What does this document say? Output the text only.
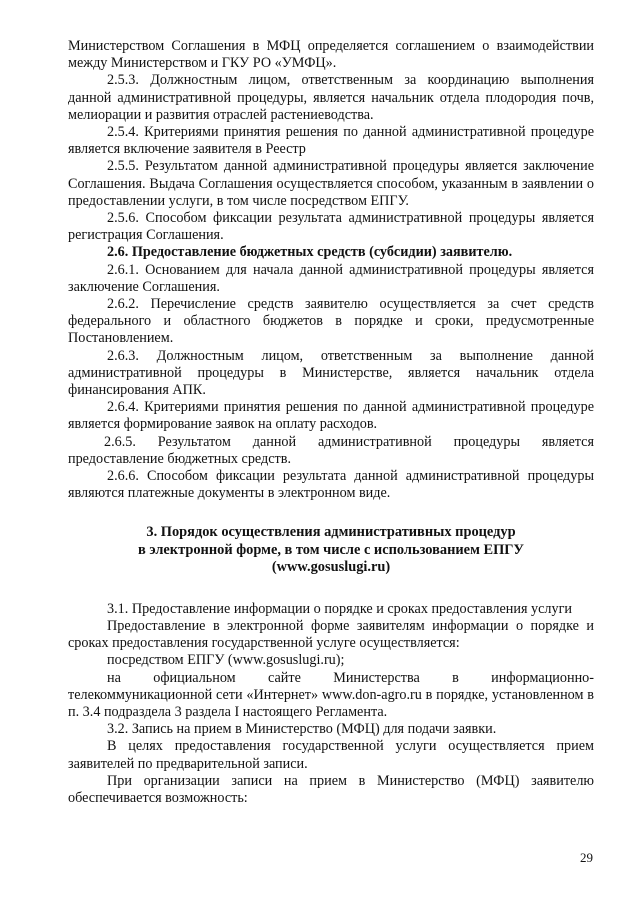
Министерством Соглашения в МФЦ определяется соглашением о взаимодействии между Министерством и ГКУ РО «УМФЦ».

2.5.3. Должностным лицом, ответственным за координацию выполнения данной административной процедуры, является начальник отдела плодородия почв, мелиорации и развития отраслей растениеводства.

2.5.4. Критериями принятия решения по данной административной процедуре является включение заявителя в Реестр

2.5.5. Результатом данной административной процедуры является заключение Соглашения. Выдача Соглашения осуществляется способом, указанным в заявлении о предоставлении услуги, в том числе посредством ЕПГУ.

2.5.6. Способом фиксации результата административной процедуры является регистрация Соглашения.

2.6. Предоставление бюджетных средств (субсидии) заявителю.

2.6.1. Основанием для начала данной административной процедуры является заключение Соглашения.

2.6.2. Перечисление средств заявителю осуществляется за счет средств федерального и областного бюджетов в порядке и сроки, предусмотренные Постановлением.

2.6.3. Должностным лицом, ответственным за выполнение данной административной процедуры в Министерстве, является начальник отдела финансирования АПК.

2.6.4. Критериями принятия решения по данной административной процедуре является формирование заявок на оплату расходов.

2.6.5. Результатом данной административной процедуры является предоставление бюджетных средств.

2.6.6. Способом фиксации результата данной административной процедуры являются платежные документы в электронном виде.

3. Порядок осуществления административных процедур
в электронной форме, в том числе с использованием ЕПГУ
(www.gosuslugi.ru)

3.1. Предоставление информации о порядке и сроках предоставления услуги

Предоставление в электронной форме заявителям информации о порядке и сроках предоставления государственной услуге осуществляется:

посредством ЕПГУ (www.gosuslugi.ru);

на официальном сайте Министерства в информационно-телекоммуникационной сети «Интернет» www.don-agro.ru в порядке, установленном в п. 3.4 подраздела 3 раздела I настоящего Регламента.

3.2. Запись на прием в Министерство (МФЦ) для подачи заявки.

В целях предоставления государственной услуги осуществляется прием заявителей по предварительной записи.

При организации записи на прием в Министерство (МФЦ) заявителю обеспечивается возможность:

29
